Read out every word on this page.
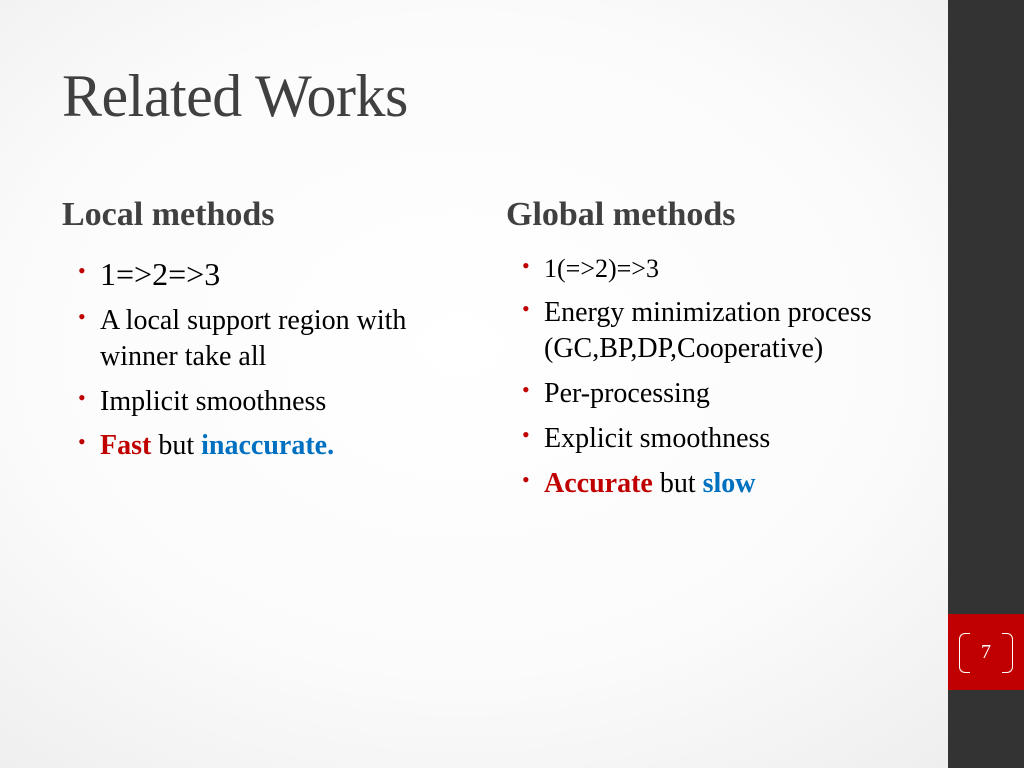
Related Works
Local methods
• 1=>2=>3
• A local support region with winner take all
• Implicit smoothness
• Fast but inaccurate.
Global methods
• 1(=>2)=>3
• Energy minimization process (GC,BP,DP,Cooperative)
• Per-processing
• Explicit smoothness
• Accurate but slow
7
